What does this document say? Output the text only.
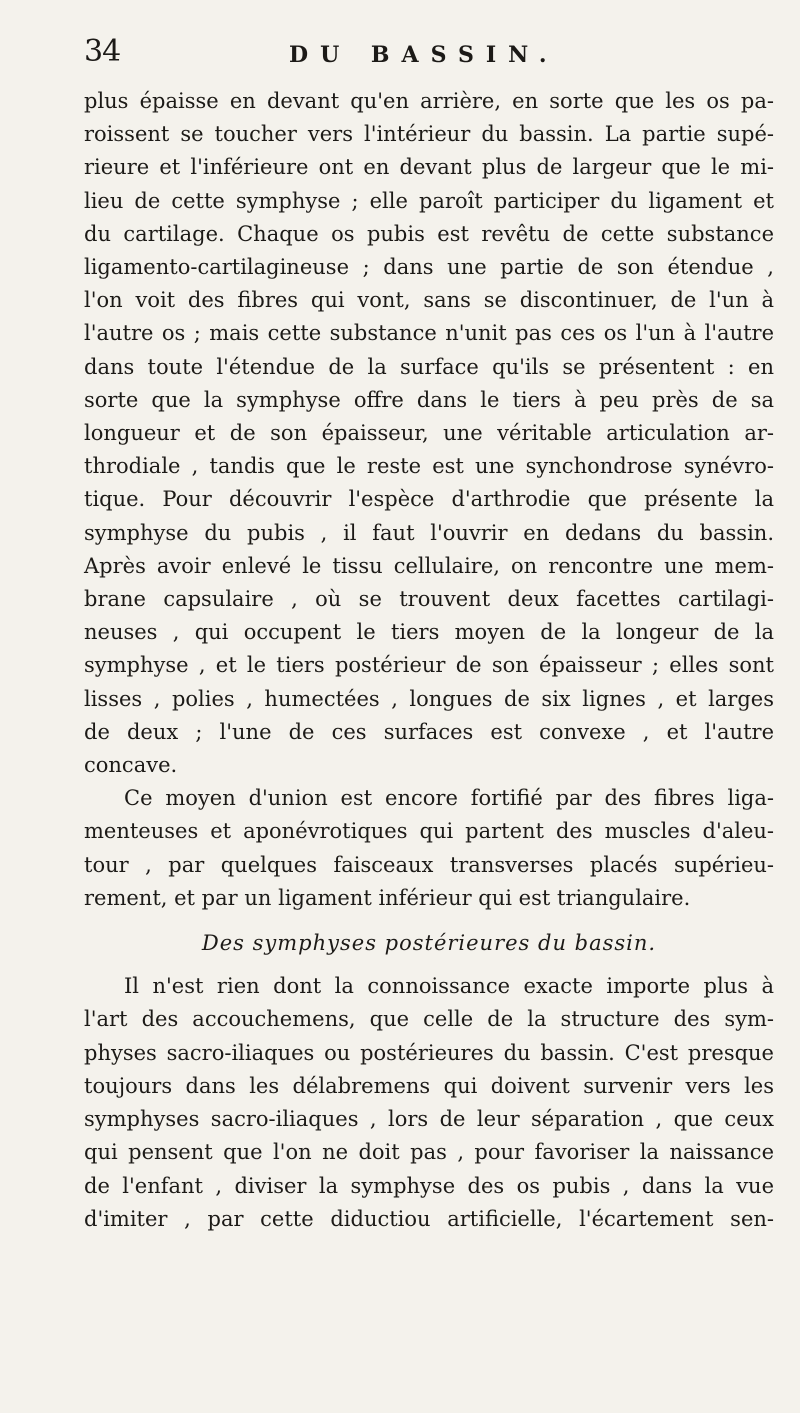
34	DU BASSIN.
plus épaisse en devant qu'en arrière, en sorte que les os pa-
roissent se toucher vers l'intérieur du bassin. La partie supé-
rieure et l'inférieure ont en devant plus de largeur que le mi-
lieu de cette symphyse ; elle paroît participer du ligament et
du cartilage. Chaque os pubis est revêtu de cette substance
ligamento-cartilagineuse ; dans une partie de son étendue ,
l'on voit des fibres qui vont, sans se discontinuer, de l'un à
l'autre os ; mais cette substance n'unit pas ces os l'un à l'autre
dans toute l'étendue de la surface qu'ils se présentent : en
sorte que la symphyse offre dans le tiers à peu près de sa
longueur et de son épaisseur, une véritable articulation ar-
throdiale , tandis que le reste est une synchondrose synévro-
tique. Pour découvrir l'espèce d'arthrodie que présente la
symphyse du pubis , il faut l'ouvrir en dedans du bassin.
Après avoir enlevé le tissu cellulaire, on rencontre une mem-
brane capsulaire , où se trouvent deux facettes cartilagi-
neuses , qui occupent le tiers moyen de la longeur de la
symphyse , et le tiers postérieur de son épaisseur ; elles sont
lisses , polies , humectées , longues de six lignes , et larges
de deux ; l'une de ces surfaces est convexe , et l'autre
concave.
Ce moyen d'union est encore fortifié par des fibres liga-
menteuses et aponévrotiques qui partent des muscles d'aleu-
tour , par quelques faisceaux transverses placés supérieu-
rement, et par un ligament inférieur qui est triangulaire.
Des symphyses postérieures du bassin.
Il n'est rien dont la connoissance exacte importe plus à
l'art des accouchemens, que celle de la structure des sym-
physes sacro-iliaques ou postérieures du bassin. C'est presque
toujours dans les délabremens qui doivent survenir vers les
symphyses sacro-iliaques , lors de leur séparation , que ceux
qui pensent que l'on ne doit pas , pour favoriser la naissance
de l'enfant , diviser la symphyse des os pubis , dans la vue
d'imiter , par cette diductiou artificielle, l'écartement sen-
